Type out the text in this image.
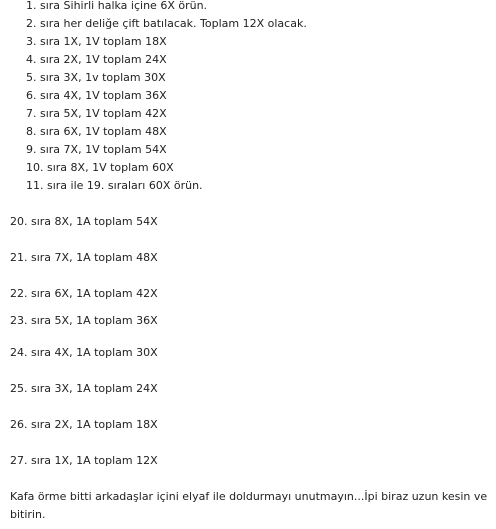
1. sıra Sihirli halka içine 6X örün.
2. sıra her deliğe çift batılacak. Toplam 12X olacak.
3. sıra 1X, 1V toplam 18X
4. sıra 2X, 1V toplam 24X
5. sıra 3X, 1v toplam 30X
6. sıra 4X, 1V toplam 36X
7. sıra 5X, 1V toplam 42X
8. sıra 6X, 1V toplam 48X
9. sıra 7X, 1V toplam 54X
10. sıra 8X, 1V toplam 60X
11. sıra ile 19. sıraları 60X örün.
20. sıra 8X, 1A toplam 54X
21. sıra 7X, 1A toplam 48X
22. sıra 6X, 1A toplam 42X
23. sıra 5X, 1A toplam 36X
24. sıra 4X, 1A toplam 30X
25. sıra 3X, 1A toplam 24X
26. sıra 2X, 1A toplam 18X
27. sıra 1X, 1A toplam 12X
Kafa örme bitti arkadaşlar içini elyaf ile doldurmayı unutmayın...İpi biraz uzun kesin ve bitirin.
